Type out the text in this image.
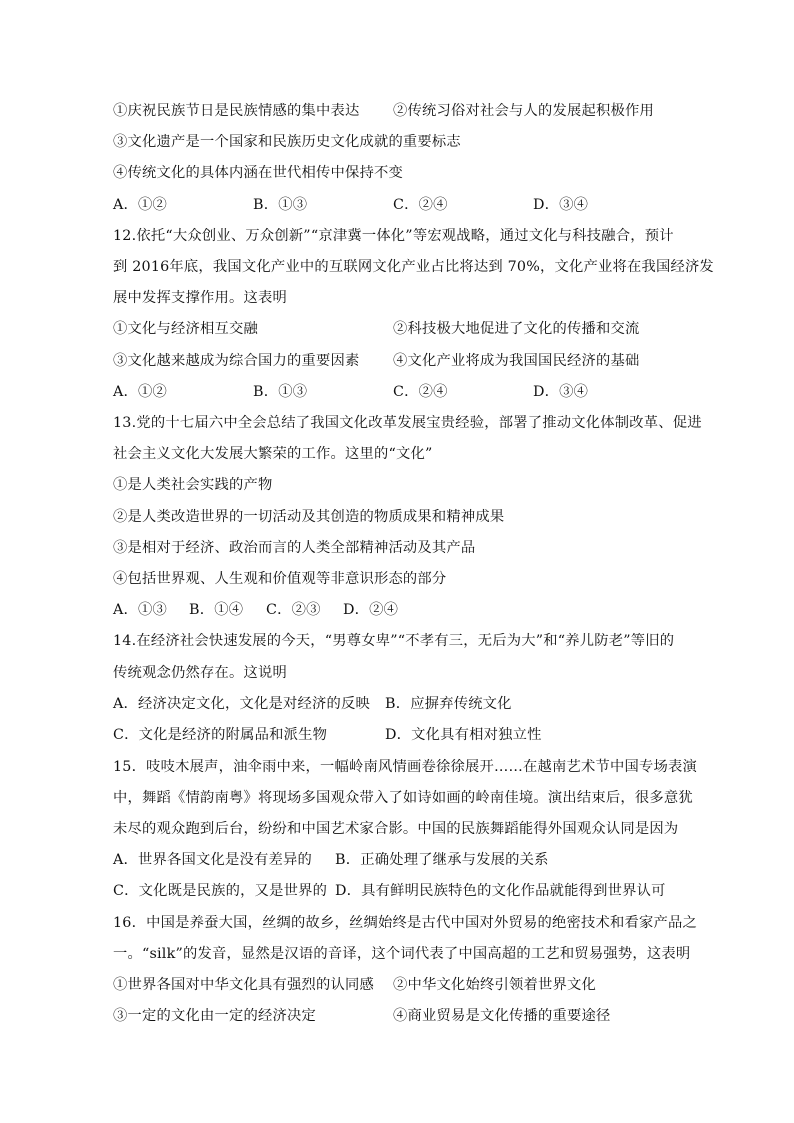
①庆祝民族节日是民族情感的集中表达 ②传统习俗对社会与人的发展起积极作用
③文化遗产是一个国家和民族历史文化成就的重要标志
④传统文化的具体内涵在世代相传中保持不变
A．①②	B．①③	C．②④	D．③④
12.依托“大众创业、万众创新”“京津冀一体化”等宏观战略，通过文化与科技融合，预计
到 2016年底，我国文化产业中的互联网文化产业占比将达到 70%，文化产业将在我国经济发
展中发挥支撑作用。这表明
①文化与经济相互交融	②科技极大地促进了文化的传播和交流
③文化越来越成为综合国力的重要因素 ④文化产业将成为我国国民经济的基础
A．①②	B．①③	C．②④	D．③④
13.党的十七届六中全会总结了我国文化改革发展宝贵经验，部署了推动文化体制改革、促进
社会主义文化大发展大繁荣的工作。这里的“文化”
①是人类社会实践的产物
②是人类改造世界的一切活动及其创造的物质成果和精神成果
③是相对于经济、政治而言的人类全部精神活动及其产品
④包括世界观、人生观和价值观等非意识形态的部分
A．①③ B．①④ C．②③ D．②④
14.在经济社会快速发展的今天，“男尊女卑”“不孝有三，无后为大”和“养儿防老”等旧的
传统观念仍然存在。这说明
A．经济决定文化，文化是对经济的反映 B．应摒弃传统文化
C．文化是经济的附属品和派生物	D．文化具有相对独立性
15．吱吱木展声，油伞雨中来，一幅岭南风情画卷徐徐展开……在越南艺术节中国专场表演
中，舞蹈《情韵南粤》将现场多国观众带入了如诗如画的岭南佳境。演出结束后，很多意犹
未尽的观众跑到后台，纷纷和中国艺术家合影。中国的民族舞蹈能得外国观众认同是因为
A．世界各国文化是没有差异的 B．正确处理了继承与发展的关系
C．文化既是民族的，又是世界的 D．具有鲜明民族特色的文化作品就能得到世界认可
16．中国是养蚕大国，丝绸的故乡，丝绸始终是古代中国对外贸易的绝密技术和看家产品之
一。“silk”的发音，显然是汉语的音译，这个词代表了中国高超的工艺和贸易强势，这表明
①世界各国对中华文化具有强烈的认同感 ②中华文化始终引领着世界文化
③一定的文化由一定的经济决定	④商业贸易是文化传播的重要途径
